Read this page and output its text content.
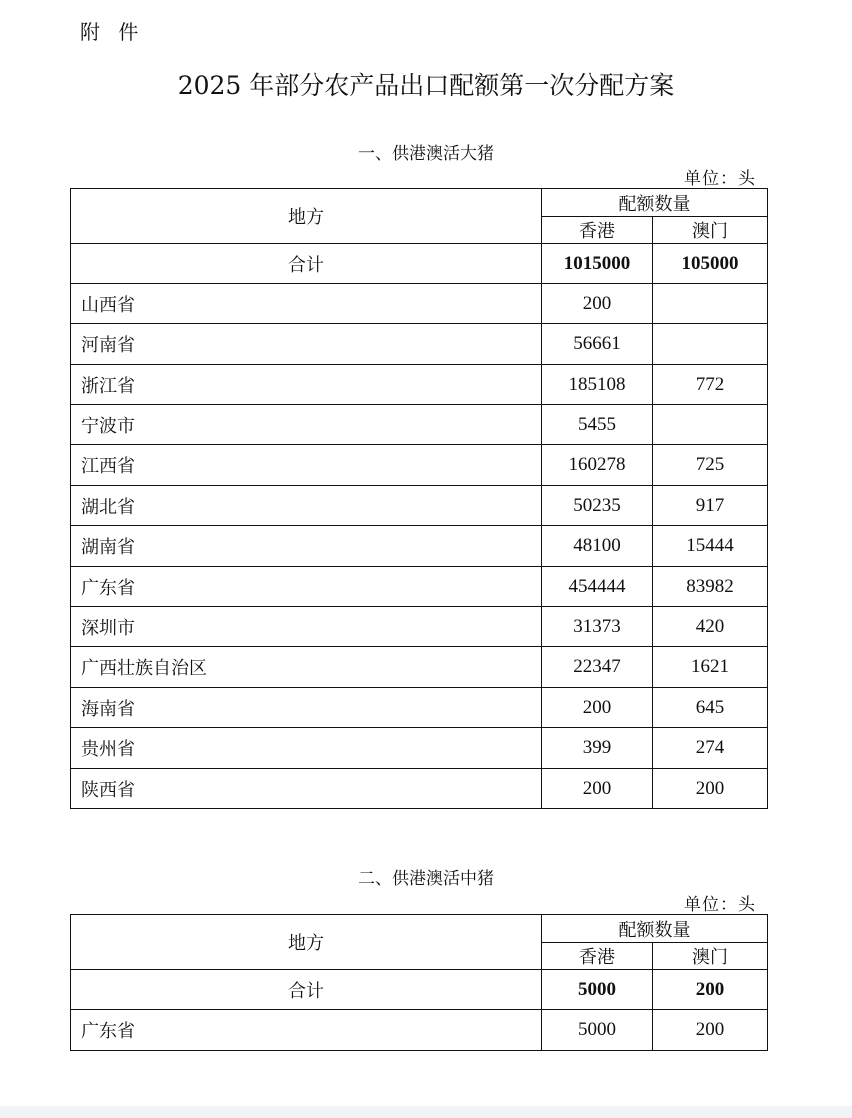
附 件
2025 年部分农产品出口配额第一次分配方案
一、供港澳活大猪
单位：头
地方	配额数量	
	香港	澳门
合计	1015000	105000
山西省	200	
河南省	56661	
浙江省	185108	772
宁波市	5455	
江西省	160278	725
湖北省	50235	917
湖南省	48100	15444
广东省	454444	83982
深圳市	31373	420
广西壮族自治区	22347	1621
海南省	200	645
贵州省	399	274
陕西省	200	200
二、供港澳活中猪
单位：头
地方	配额数量	
	香港	澳门
合计	5000	200
广东省	5000	200
